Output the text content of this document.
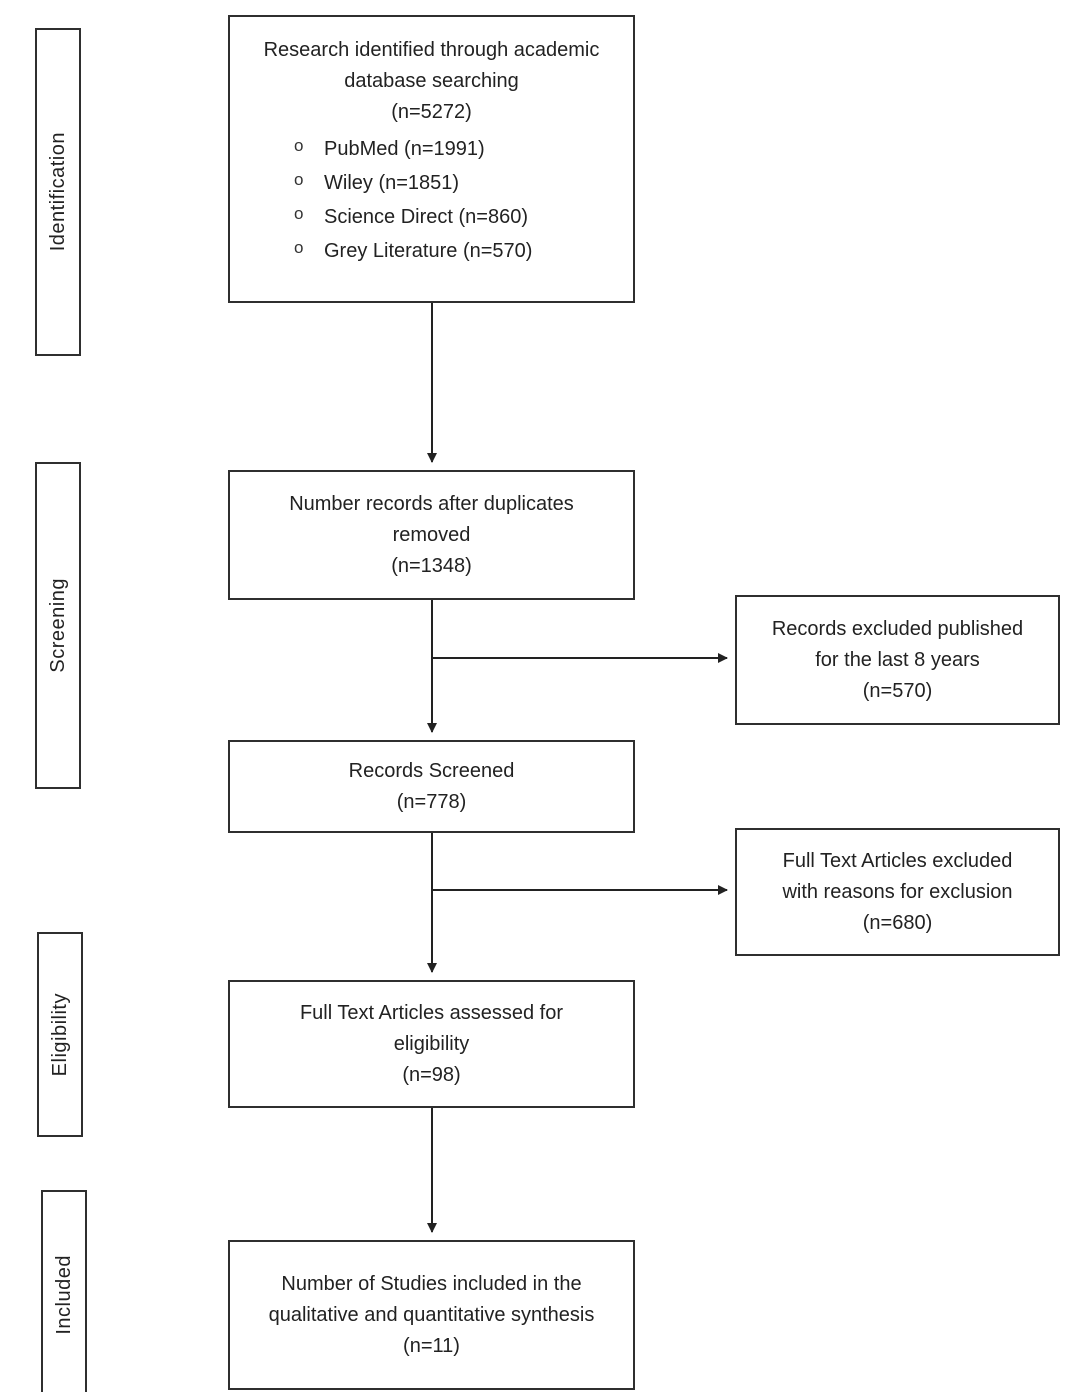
Identification
Screening
Eligibility
Included
Research identified through academic
database searching
(n=5272)
o PubMed (n=1991)
o Wiley (n=1851)
o Science Direct (n=860)
o Grey Literature (n=570)
Number records after duplicates
removed
(n=1348)
Records excluded published
for the last 8 years
(n=570)
Records Screened
(n=778)
Full Text Articles excluded
with reasons for exclusion
(n=680)
Full Text Articles assessed for
eligibility
(n=98)
Number of Studies included in the
qualitative and quantitative synthesis
(n=11)
